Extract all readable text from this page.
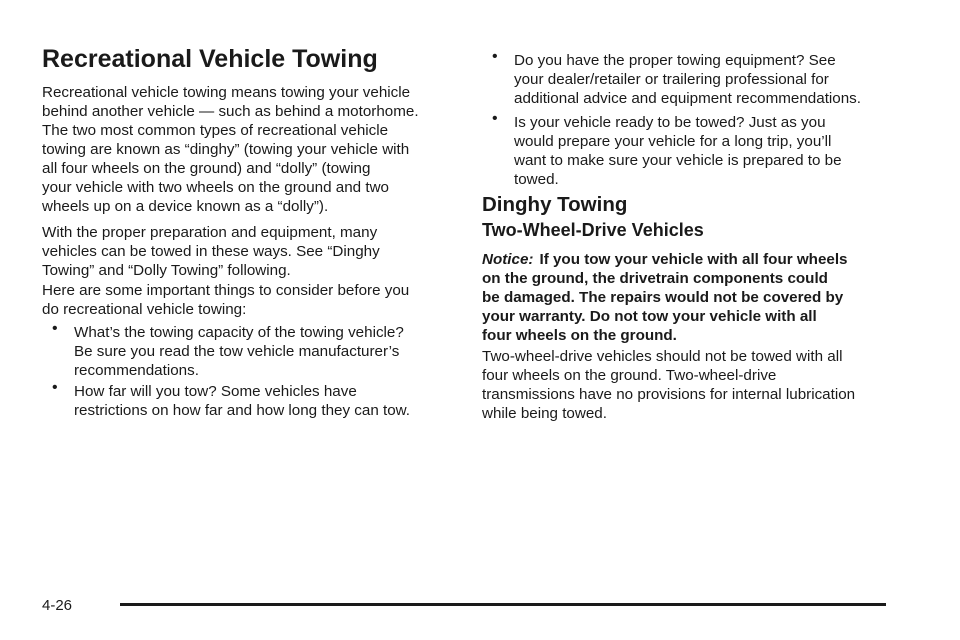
Recreational Vehicle Towing

Recreational vehicle towing means towing your vehicle

behind another vehicle — such as behind a motorhome.

The two most common types of recreational vehicle

towing are known as “dinghy” (towing your vehicle with

all four wheels on the ground) and “dolly” (towing

your vehicle with two wheels on the ground and two

wheels up on a device known as a “dolly”).

With the proper preparation and equipment, many

vehicles can be towed in these ways. See “Dinghy

Towing” and “Dolly Towing” following.

Here are some important things to consider before you

do recreational vehicle towing:

• What’s the towing capacity of the towing vehicle?

Be sure you read the tow vehicle manufacturer’s

recommendations.

• How far will you tow? Some vehicles have

restrictions on how far and how long they can tow.

• Do you have the proper towing equipment? See

your dealer/retailer or trailering professional for

additional advice and equipment recommendations.

• Is your vehicle ready to be towed? Just as you

would prepare your vehicle for a long trip, you’ll

want to make sure your vehicle is prepared to be

towed.

Dinghy Towing
Two-Wheel-Drive Vehicles

Notice: If you tow your vehicle with all four wheels

on the ground, the drivetrain components could

be damaged. The repairs would not be covered by

your warranty. Do not tow your vehicle with all

four wheels on the ground.

Two-wheel-drive vehicles should not be towed with all

four wheels on the ground. Two-wheel-drive

transmissions have no provisions for internal lubrication

while being towed.

4-26
